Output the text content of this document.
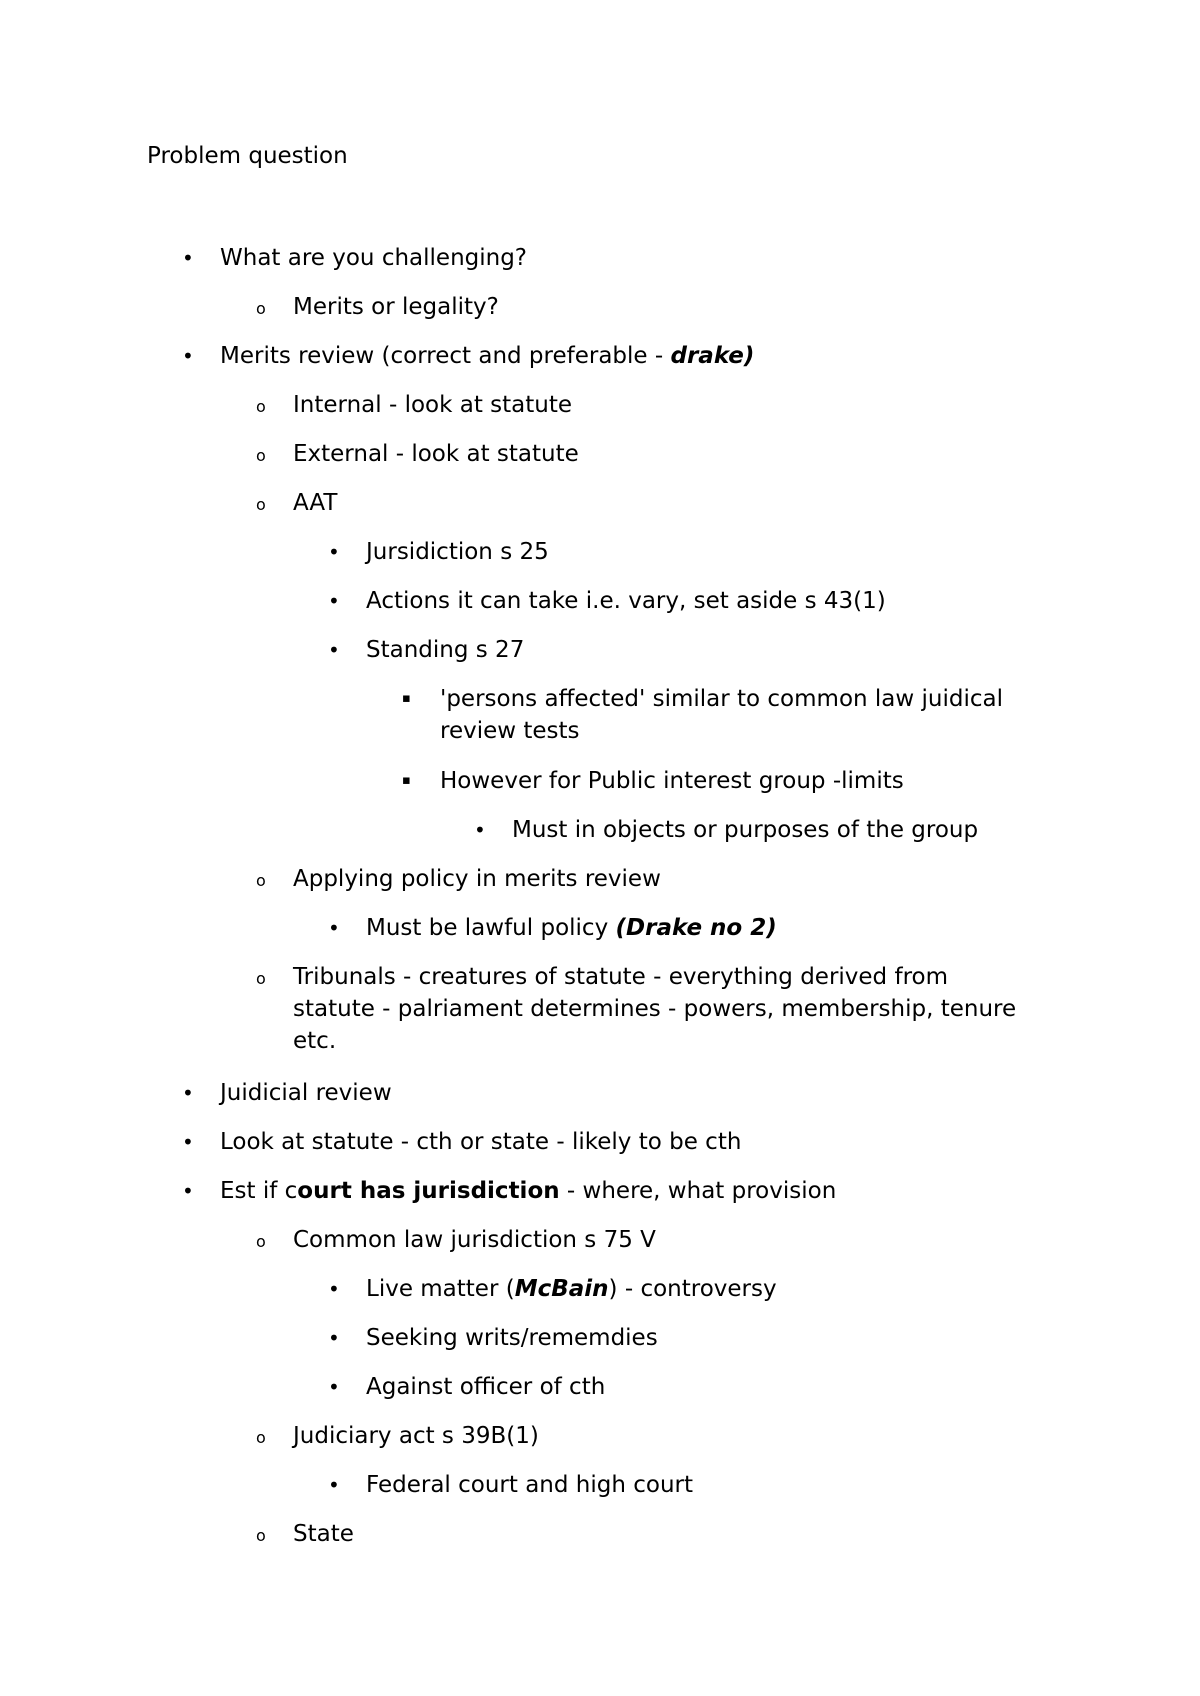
Problem question
• What are you challenging?
o Merits or legality?
• Merits review (correct and preferable - drake)
o Internal - look at statute
o External - look at statute
o AAT
• Jursidiction s 25
• Actions it can take i.e. vary, set aside s 43(1)
• Standing s 27
▪ 'persons affected' similar to common law juidical
review tests
▪ However for Public interest group -limits
• Must in objects or purposes of the group
o Applying policy in merits review
• Must be lawful policy (Drake no 2)
o Tribunals - creatures of statute - everything derived from
statute - palriament determines - powers, membership, tenure
etc.
• Juidicial review
• Look at statute - cth or state - likely to be cth
• Est if court has jurisdiction - where, what provision
o Common law jurisdiction s 75 V
• Live matter (McBain) - controversy
• Seeking writs/rememdies
• Against officer of cth
o Judiciary act s 39B(1)
• Federal court and high court
o State
